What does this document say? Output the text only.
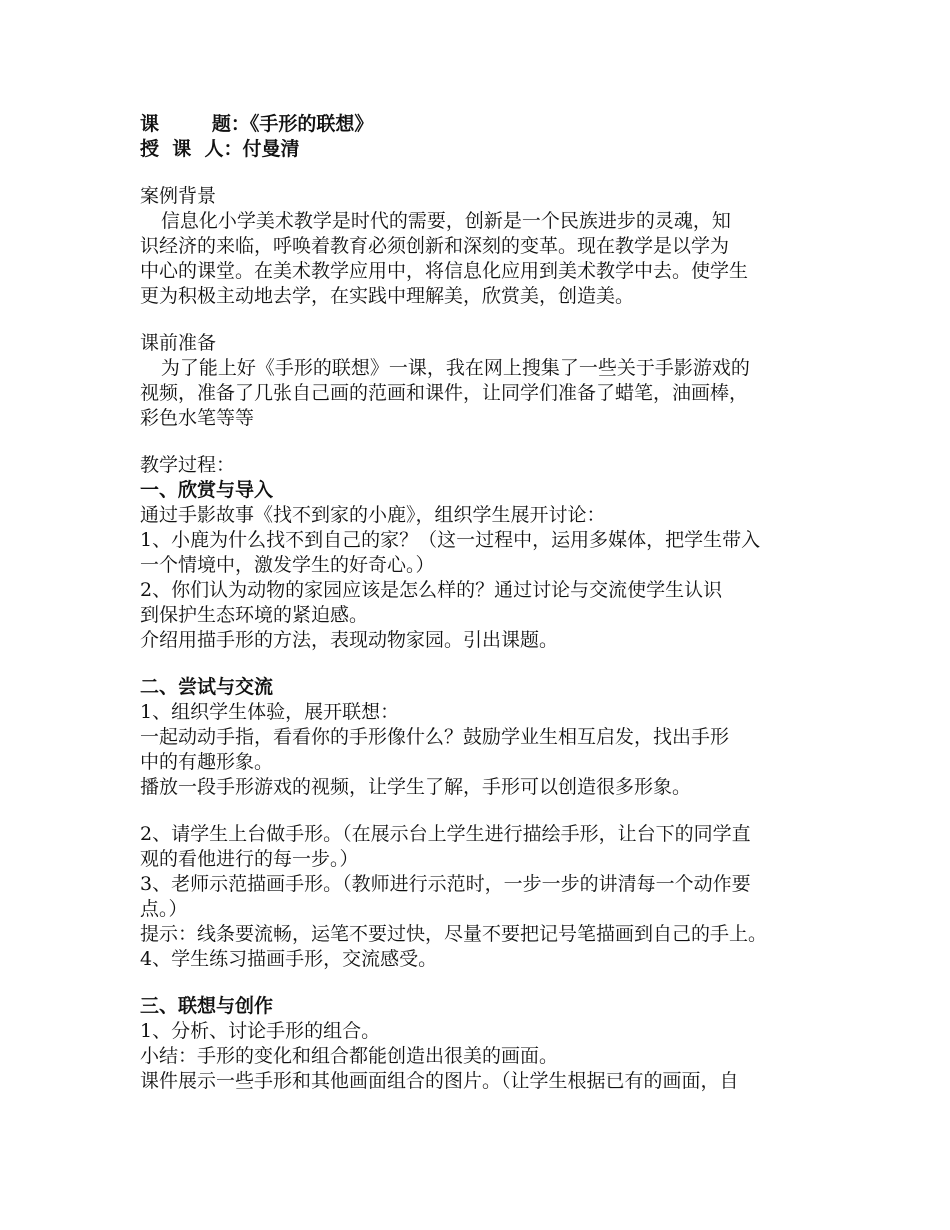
课        题：《手形的联想》
授  课  人：付曼清
案例背景
信息化小学美术教学是时代的需要，创新是一个民族进步的灵魂，知
识经济的来临，呼唤着教育必须创新和深刻的变革。现在教学是以学为
中心的课堂。在美术教学应用中，将信息化应用到美术教学中去。使学生
更为积极主动地去学，在实践中理解美，欣赏美，创造美。
课前准备
为了能上好《手形的联想》一课，我在网上搜集了一些关于手影游戏的
视频，准备了几张自己画的范画和课件，让同学们准备了蜡笔，油画棒，
彩色水笔等等
教学过程：
一、欣赏与导入
通过手影故事《找不到家的小鹿》，组织学生展开讨论：
1、小鹿为什么找不到自己的家？（这一过程中，运用多媒体，把学生带入
一个情境中，激发学生的好奇心。）
2、你们认为动物的家园应该是怎么样的？通过讨论与交流使学生认识
到保护生态环境的紧迫感。
介绍用描手形的方法，表现动物家园。引出课题。
二、尝试与交流
1、组织学生体验，展开联想：
一起动动手指，看看你的手形像什么？鼓励学业生相互启发，找出手形
中的有趣形象。
播放一段手形游戏的视频，让学生了解，手形可以创造很多形象。
2、请学生上台做手形。（在展示台上学生进行描绘手形，让台下的同学直
观的看他进行的每一步。）
3、老师示范描画手形。（教师进行示范时，一步一步的讲清每一个动作要
点。）
提示：线条要流畅，运笔不要过快，尽量不要把记号笔描画到自己的手上。
4、学生练习描画手形，交流感受。
三、联想与创作
1、分析、讨论手形的组合。
小结：手形的变化和组合都能创造出很美的画面。
课件展示一些手形和其他画面组合的图片。（让学生根据已有的画面，自
